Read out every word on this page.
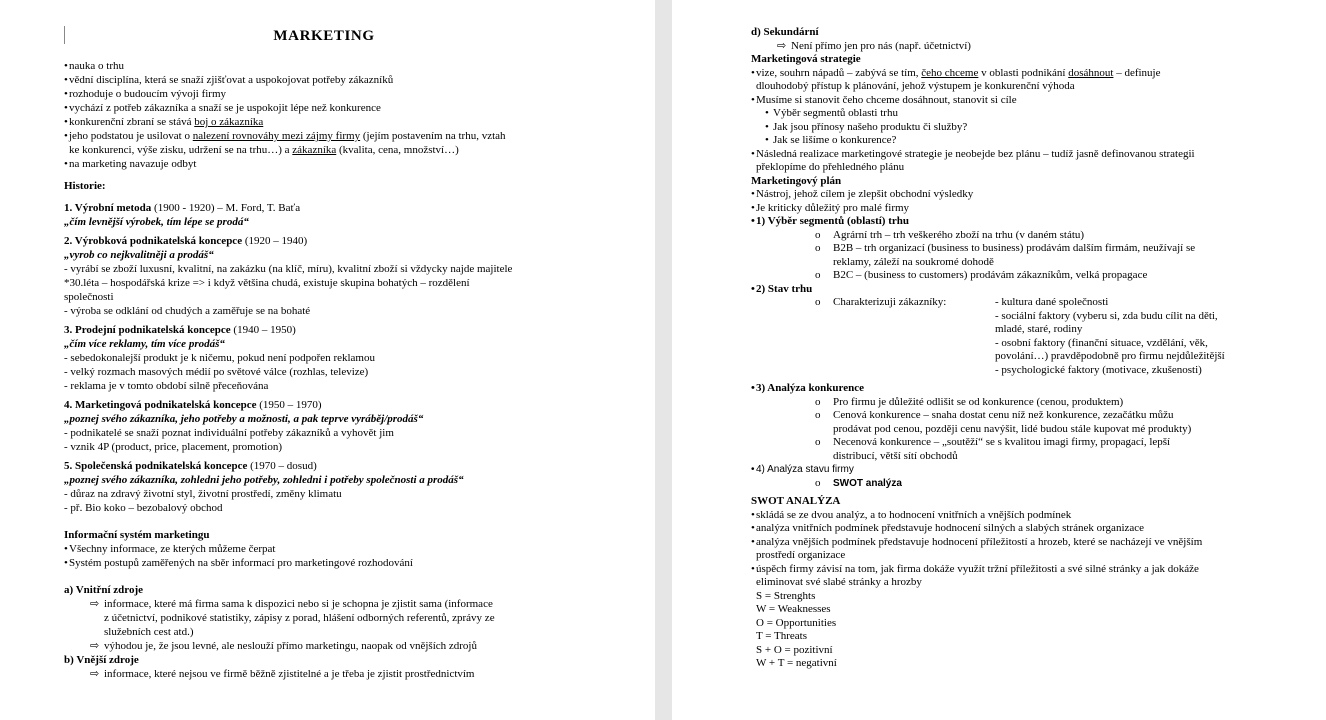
MARKETING
• nauka o trhu
• vědní disciplína, která se snaží zjišťovat a uspokojovat potřeby zákazníků
• rozhoduje o budoucím vývoji firmy
• vychází z potřeb zákazníka a snaží se je uspokojit lépe než konkurence
• konkurenční zbraní se stává boj o zákazníka
• jeho podstatou je usilovat o nalezení rovnováhy mezi zájmy firmy (jejím postavením na trhu, vztah
ke konkurenci, výše zisku, udržení se na trhu…) a zákazníka (kvalita, cena, množství…)
• na marketing navazuje odbyt
Historie:
1. Výrobní metoda (1900 - 1920) – M. Ford, T. Baťa
„čím levnější výrobek, tím lépe se prodá“
2. Výrobková podnikatelská koncepce (1920 – 1940)
„vyrob co nejkvalitněji a prodáš“
- vyrábí se zboží luxusní, kvalitní, na zakázku (na klíč, míru), kvalitní zboží si vždycky najde majitele
*30.léta – hospodářská krize => i když většina chudá, existuje skupina bohatých – rozdělení
společnosti
- výroba se odklání od chudých a zaměřuje se na bohaté
3. Prodejní podnikatelská koncepce (1940 – 1950)
„čím více reklamy, tím více prodáš“
- sebedokonalejší produkt je k ničemu, pokud není podpořen reklamou
- velký rozmach masových médií po světové válce (rozhlas, televize)
- reklama je v tomto období silně přeceňována
4. Marketingová podnikatelská koncepce (1950 – 1970)
„poznej svého zákazníka, jeho potřeby a možnosti, a pak teprve vyráběj/prodáš“
- podnikatelé se snaží poznat individuální potřeby zákazníků a vyhovět jim
- vznik 4P (product, price, placement, promotion)
5. Společenská podnikatelská koncepce (1970 – dosud)
„poznej svého zákazníka, zohledni jeho potřeby, zohledni i potřeby společnosti a prodáš“
- důraz na zdravý životní styl, životní prostředí, změny klimatu
- př. Bio koko – bezobalový obchod
Informační systém marketingu
• Všechny informace, ze kterých můžeme čerpat
• Systém postupů zaměřených na sběr informací pro marketingové rozhodování
a) Vnitřní zdroje
⇨ informace, které má firma sama k dispozici nebo si je schopna je zjistit sama (informace
z účetnictví, podnikové statistiky, zápisy z porad, hlášení odborných referentů, zprávy ze
služebních cest atd.)
⇨ výhodou je, že jsou levné, ale neslouží přímo marketingu, naopak od vnějších zdrojů
b) Vnější zdroje
⇨ informace, které nejsou ve firmě běžně zjistitelné a je třeba je zjistit prostřednictvím
d) Sekundární
⇨ Není přímo jen pro nás (např. účetnictví)
Marketingová strategie
• vize, souhrn nápadů – zabývá se tím, čeho chceme v oblasti podnikání dosáhnout – definuje
dlouhodobý přístup k plánování, jehož výstupem je konkurenční výhoda
• Musíme si stanovit čeho chceme dosáhnout, stanovit si cíle
• Výběr segmentů oblasti trhu
• Jak jsou přínosy našeho produktu či služby?
• Jak se lišíme o konkurence?
• Následná realizace marketingové strategie je neobejde bez plánu – tudíž jasně definovanou strategii
překlopíme do přehledného plánu
Marketingový plán
• Nástroj, jehož cílem je zlepšit obchodní výsledky
• Je kriticky důležitý pro malé firmy
• 1) Výběr segmentů (oblastí) trhu
o Agrární trh – trh veškerého zboží na trhu (v daném státu)
o B2B – trh organizací (business to business) prodávám dalším firmám, neužívají se
reklamy, záleží na soukromé dohodě
o B2C – (business to customers) prodávám zákazníkům, velká propagace
• 2) Stav trhu
o Charakterizuji zákazníky:	- kultura dané společnosti
- sociální faktory (vyberu si, zda budu cílit na děti,
mladé, staré, rodiny
- osobní faktory (finanční situace, vzdělání, věk,
povolání…) pravděpodobně pro firmu nejdůležitější
- psychologické faktory (motivace, zkušenosti)
• 3) Analýza konkurence
o Pro firmu je důležité odlišit se od konkurence (cenou, produktem)
o Cenová konkurence – snaha dostat cenu níž než konkurence, zezačátku můžu
prodávat pod cenou, později cenu navýšit, lidé budou stále kupovat mé produkty)
o Necenová konkurence – „soutěží“ se s kvalitou imagi firmy, propagací, lepší
distribucí, větší sítí obchodů
• 4) Analýza stavu firmy
o SWOT analýza
SWOT ANALÝZA
• skládá se ze dvou analýz, a to hodnocení vnitřních a vnějších podmínek
• analýza vnitřních podmínek představuje hodnocení silných a slabých stránek organizace
• analýza vnějších podmínek představuje hodnocení příležitostí a hrozeb, které se nacházejí ve vnějším
prostředí organizace
• úspěch firmy závisí na tom, jak firma dokáže využít tržní příležitosti a své silné stránky a jak dokáže
eliminovat své slabé stránky a hrozby
S = Strenghts
W = Weaknesses
O = Opportunities
T = Threats
S + O = pozitivní
W + T = negativní
